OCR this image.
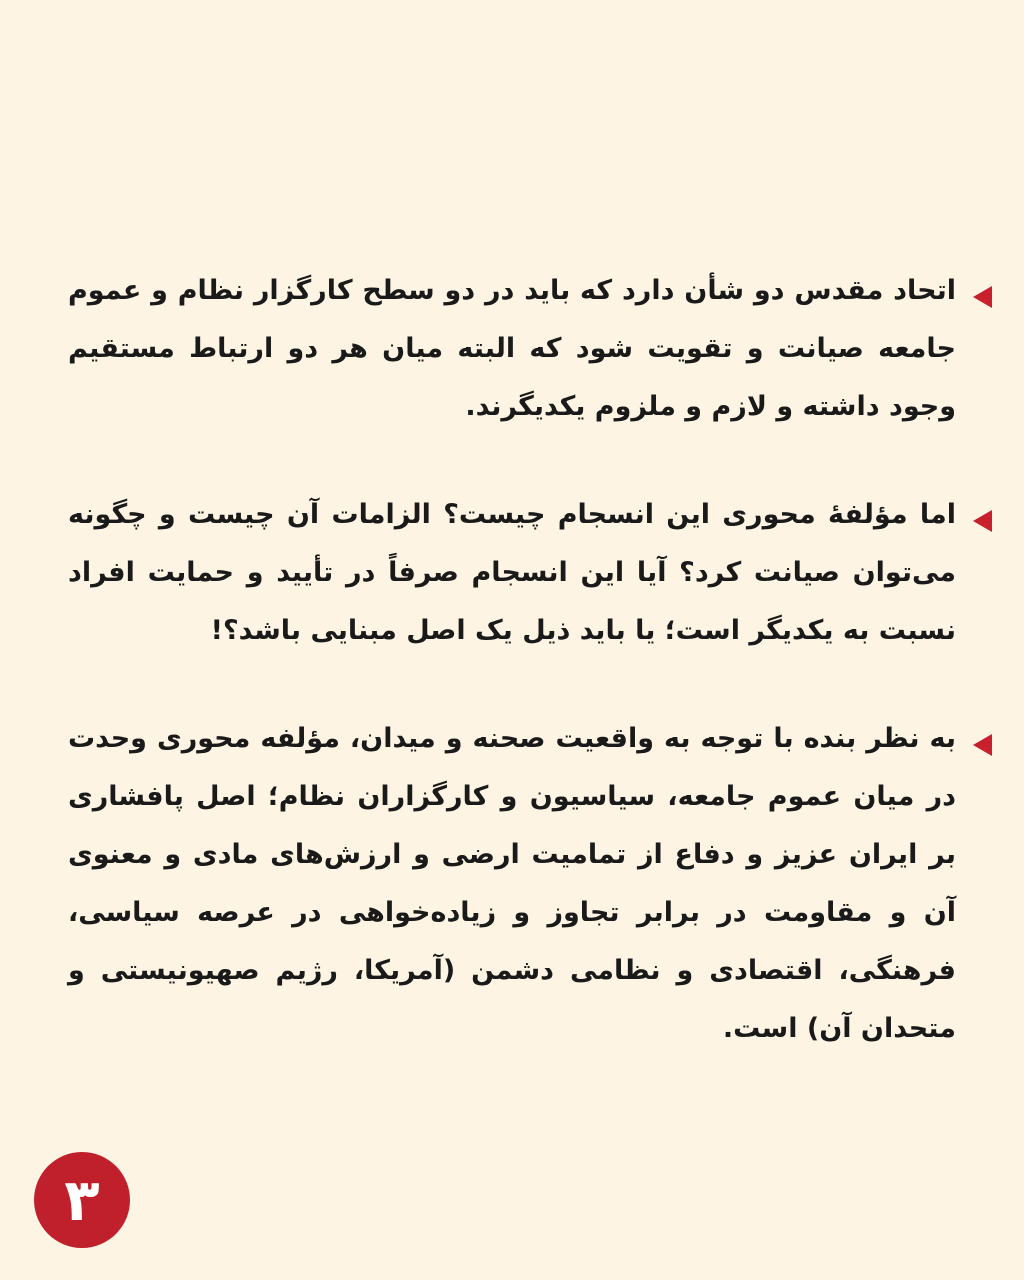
اتحاد مقدس دو شأن دارد که باید در دو سطح کارگزار نظام و عموم جامعه صیانت و تقویت شود که البته میان هر دو ارتباط مستقیم وجود داشته و لازم و ملزوم یکدیگرند.
اما مؤلفهٔ محوری این انسجام چیست؟ الزامات آن چیست و چگونه می‌توان صیانت کرد؟ آیا این انسجام صرفاً در تأیید و حمایت افراد نسبت به یکدیگر است؛ یا باید ذیل یک اصل مبنایی باشد؟!
به نظر بنده با توجه به واقعیت صحنه و میدان، مؤلفه محوری وحدت در میان عموم جامعه، سیاسیون و کارگزاران نظام؛ اصل پافشاری بر ایران عزیز و دفاع از تمامیت ارضی و ارزش‌های مادی و معنوی آن و مقاومت در برابر تجاوز و زیاده‌خواهی در عرصه سیاسی، فرهنگی، اقتصادی و نظامی دشمن (آمریکا، رژیم صهیونیستی و متحدان آن) است.
۳
